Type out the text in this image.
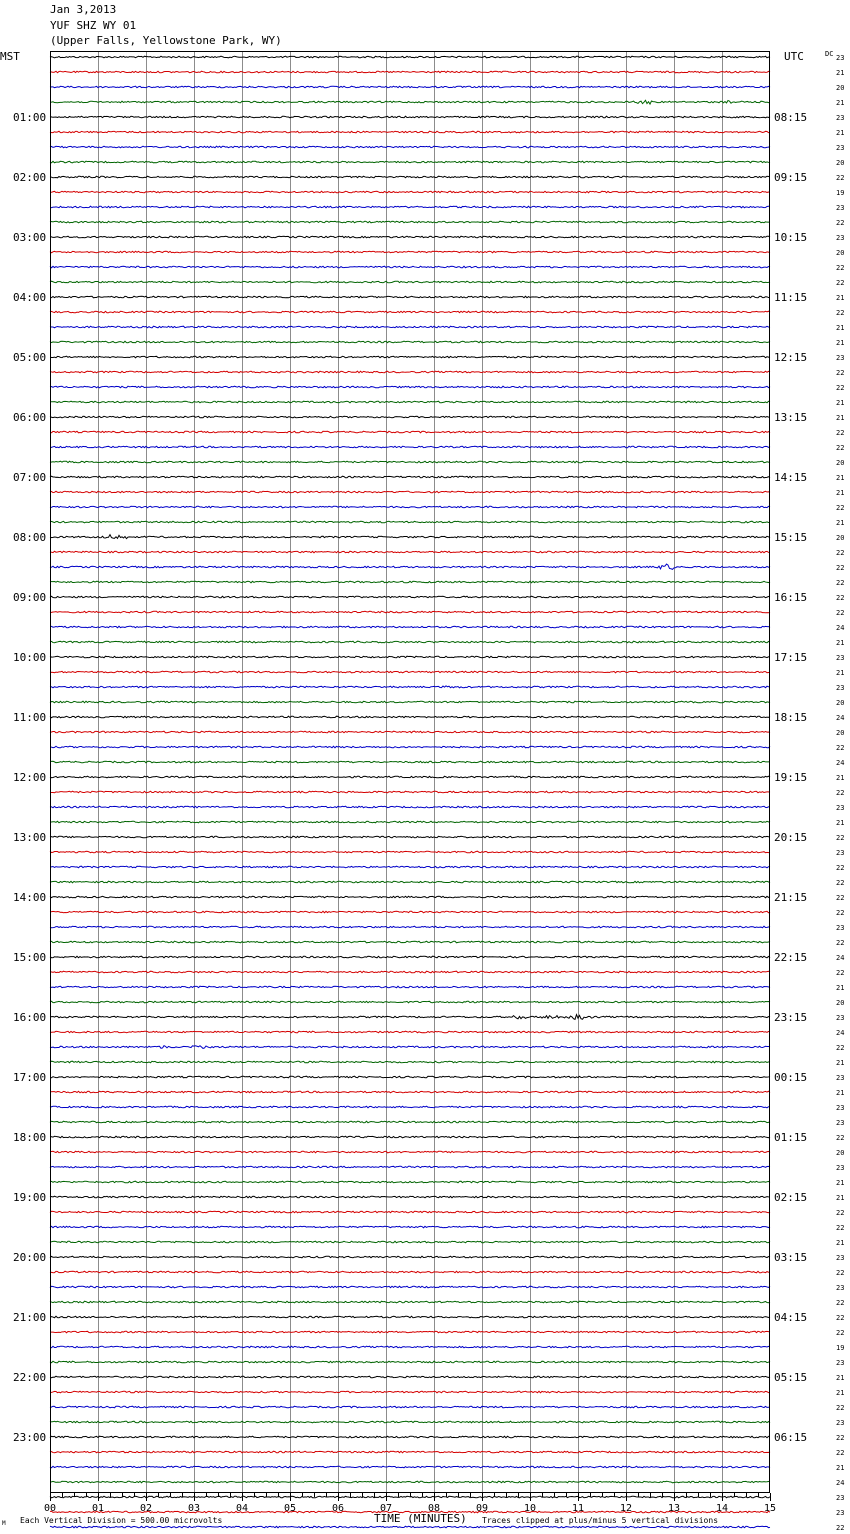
Jan 3,2013
YUF SHZ WY 01
(Upper Falls, Yellowstone Park, WY)
00	01	02	03	04	05	06	07	08	09	10	11	12	13	14	15
23
21
20
21
23
01:00	08:15
21
23
20
22
02:00	09:15
19
23
22
23
03:00	10:15
20
22
22
21
04:00	11:15
22
21
21
23
05:00	12:15
22
22
21
21
06:00	13:15
22
22
20
21
07:00	14:15
21
22
21
20
08:00	15:15
22
22
22
22
09:00	16:15
22
24
21
23
10:00	17:15
21
23
20
24
11:00	18:15
20
22
24
21
12:00	19:15
22
23
21
22
13:00	20:15
23
22
22
22
14:00	21:15
22
23
22
24
15:00	22:15
22
21
20
23
16:00	23:15
24
22
21
23
17:00	00:15
21
23
23
22
18:00	01:15
20
23
21
21
19:00	02:15
22
22
21
23
20:00	03:15
22
23
22
22
21:00	04:15
22
19
23
21
22:00	05:15
21
22
23
22
23:00	06:15
22
21
24
23
23
22
MST	UTC	DC
TIME (MINUTES)
Each Vertical Division = 500.00 microvolts	Traces clipped at plus/minus 5 vertical divisions
M
